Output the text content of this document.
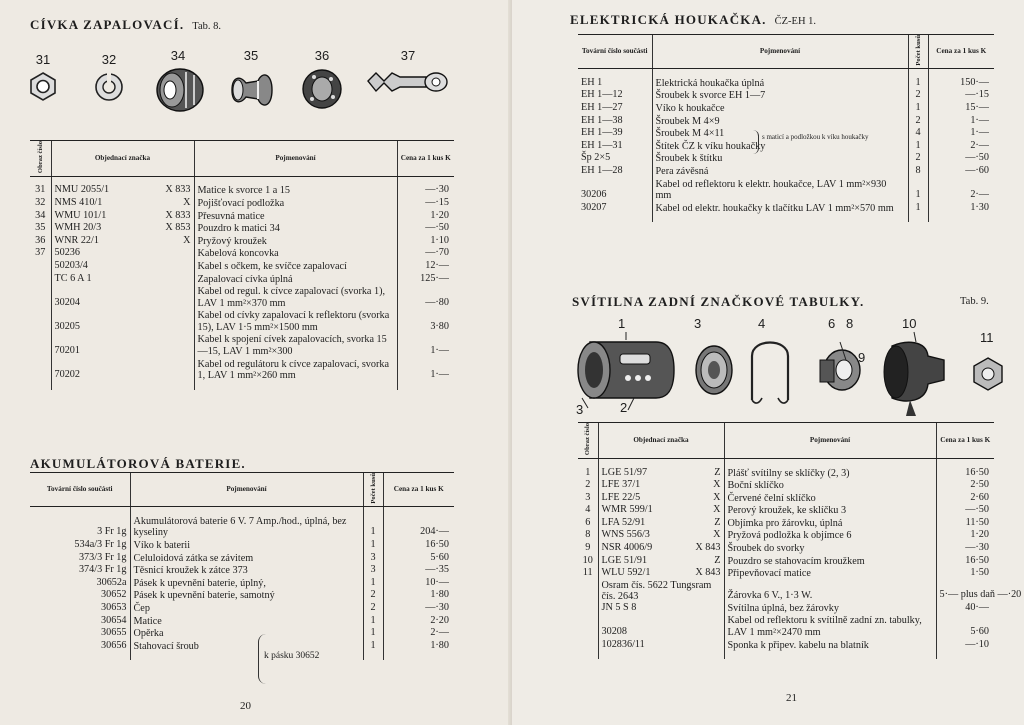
CÍVKA ZAPALOVACÍ. Tab. 8.
31	32	34	35	36	37
Obraz číslo	Objednací značka	Pojmenování	Cena za 1 kus K

31	NMU 2055/1 X 833	Matice k svorce 1 a 15	—·30
32	NMS 410/1 X	Pojišťovací podložka	—·15
34	WMU 101/1 X 833	Přesuvná matice	1·20
35	WMH 20/3 X 853	Pouzdro k matici 34	—·50
36	WNR 22/1 X	Pryžový kroužek	1·10
37	50236	Kabelová koncovka	—·70

	50203/4	Kabel s očkem, ke svíčce zapalovací	12·—

	TC 6 A 1	Zapalovací cívka úplná	125·—

	30204	Kabel od regul. k cívce zapalovací (svorka 1), LAV 1 mm²×370 mm	—·80

	30205	Kabel od cívky zapalovací k reflektoru (svorka 15), LAV 1·5 mm²×1500 mm	3·80

	70201	Kabel k spojení cívek zapalovacích, svorka 15—15, LAV 1 mm²×300	1·—

	70202	Kabel od regulátoru k cívce zapalovací, svorka 1, LAV 1 mm²×260 mm	1·—

AKUMULÁTOROVÁ BATERIE.
Tovární číslo součásti	Pojmenování	Počet kusů	Cena za 1 kus K

3 Fr 1g	Akumulátorová baterie 6 V. 7 Amp./hod., úplná, bez kyseliny	1	204·—
534a/3 Fr 1g	Víko k baterii	1	16·50
373/3 Fr 1g	Celuloidová zátka se závitem	3	5·60
374/3 Fr 1g	Těsnicí kroužek k zátce 373	3	—·35
30652a	Pásek k upevnění baterie, úplný,	1	10·—
30652	Pásek k upevnění baterie, samotný	2	1·80
30653	Čep	2	—·30
30654	Matice	1	2·20
30655	Opěrka	1	2·—
30656	Stahovací šroub	1	1·80

k pásku 30652
20
ELEKTRICKÁ HOUKAČKA. ČZ-EH 1.
Tovární číslo součásti	Pojmenování	Počet kusů	Cena za 1 kus K

EH 1	Elektrická houkačka úplná	1	150·—
EH 1—12	Šroubek k svorce EH 1—7	2	—·15
EH 1—27	Víko k houkačce	1	15·—
EH 1—38	Šroubek M 4×9	2	1·—
EH 1—39	Šroubek M 4×11	4	1·—
EH 1—31	Štítek ČZ k víku houkačky	1	2·—
Šp 2×5	Šroubek k štítku	2	—·50
EH 1—28	Pera závěsná	8	—·60
30206	Kabel od reflektoru k elektr. houkačce, LAV 1 mm²×930 mm	1	2·—
30207	Kabel od elektr. houkačky k tlačítku LAV 1 mm²×570 mm	1	1·30

s maticí a podložkou k víku houkačky
SVÍTILNA ZADNÍ ZNAČKOVÉ TABULKY.	Tab. 9.
1
2
3
3	4	6 8
9
10
11
Obraz číslo	Objednací značka	Pojmenování	Cena za 1 kus K

1	LGE 51/97 Z	Plášť svítilny se sklíčky (2, 3)	16·50
2	LFE 37/1 X	Boční sklíčko	2·50
3	LFE 22/5 X	Červené čelní sklíčko	2·60
4	WMR 599/1 X	Perový kroužek, ke sklíčku 3	—·50
6	LFA 52/91 Z	Objímka pro žárovku, úplná	11·50
8	WNS 556/3 X	Pryžová podložka k objímce 6	1·20
9	NSR 4006/9 X 843	Šroubek do svorky	—·30
10	LGE 51/91 Z	Pouzdro se stahovacím kroužkem	16·50
11	WLU 592/1 X 843	Připevňovací matice	1·50

	Osram čís. 5622 Tungsram čís. 2643	Žárovka 6 V., 1·3 W.	5·— plus daň —·20

	JN 5 S 8	Svítilna úplná, bez žárovky	40·—

	30208	Kabel od reflektoru k svítilně zadní zn. tabulky, LAV 1 mm²×2470 mm	5·60

	102836/11	Sponka k připev. kabelu na blatník	—·10

21
